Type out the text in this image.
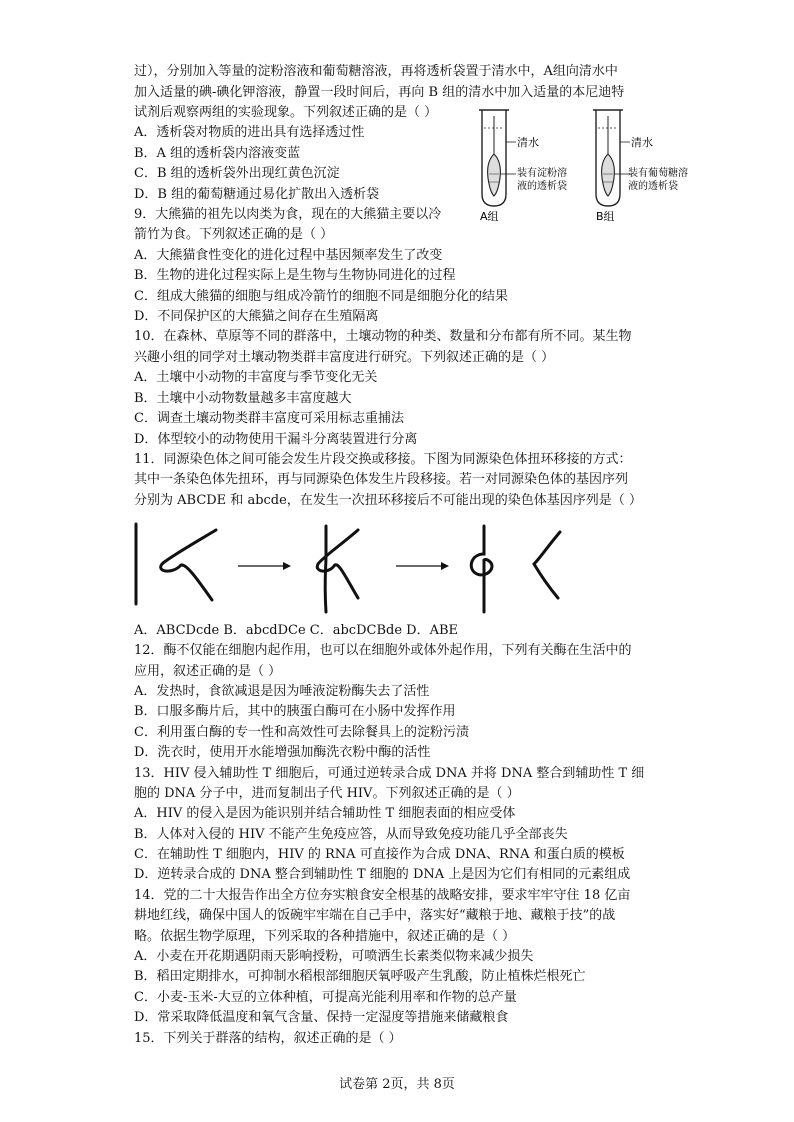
过），分别加入等量的淀粉溶液和葡萄糖溶液，再将透析袋置于清水中，A组向清水中
加入适量的碘-碘化钾溶液，静置一段时间后，再向 B 组的清水中加入适量的本尼迪特
试剂后观察两组的实验现象。下列叙述正确的是（ ）
A．透析袋对物质的进出具有选择透过性
B．A 组的透析袋内溶液变蓝
C．B 组的透析袋外出现红黄色沉淀
D．B 组的葡萄糖通过易化扩散出入透析袋
9．大熊猫的祖先以肉类为食，现在的大熊猫主要以冷
箭竹为食。下列叙述正确的是（ ）
A．大熊猫食性变化的进化过程中基因频率发生了改变
B．生物的进化过程实际上是生物与生物协同进化的过程
C．组成大熊猫的细胞与组成冷箭竹的细胞不同是细胞分化的结果
D．不同保护区的大熊猫之间存在生殖隔离
10．在森林、草原等不同的群落中，土壤动物的种类、数量和分布都有所不同。某生物
兴趣小组的同学对土壤动物类群丰富度进行研究。下列叙述正确的是（ ）
A．土壤中小动物的丰富度与季节变化无关
B．土壤中小动物数量越多丰富度越大
C．调查土壤动物类群丰富度可采用标志重捕法
D．体型较小的动物使用干漏斗分离装置进行分离
11．同源染色体之间可能会发生片段交换或移接。下图为同源染色体扭环移接的方式：
其中一条染色体先扭环，再与同源染色体发生片段移接。若一对同源染色体的基因序列
分别为 ABCDE 和 abcde，在发生一次扭环移接后不可能出现的染色体基因序列是（ ）
A．ABCDcde B．abcdDCe C．abcDCBde D．ABE
12．酶不仅能在细胞内起作用，也可以在细胞外或体外起作用，下列有关酶在生活中的
应用，叙述正确的是（ ）
A．发热时，食欲减退是因为唾液淀粉酶失去了活性
B．口服多酶片后，其中的胰蛋白酶可在小肠中发挥作用
C．利用蛋白酶的专一性和高效性可去除餐具上的淀粉污渍
D．洗衣时，使用开水能增强加酶洗衣粉中酶的活性
13．HIV 侵入辅助性 T 细胞后，可通过逆转录合成 DNA 并将 DNA 整合到辅助性 T 细
胞的 DNA 分子中，进而复制出子代 HIV。下列叙述正确的是（ ）
A．HIV 的侵入是因为能识别并结合辅助性 T 细胞表面的相应受体
B．人体对入侵的 HIV 不能产生免疫应答，从而导致免疫功能几乎全部丧失
C．在辅助性 T 细胞内，HIV 的 RNA 可直接作为合成 DNA、RNA 和蛋白质的模板
D．逆转录合成的 DNA 整合到辅助性 T 细胞的 DNA 上是因为它们有相同的元素组成
14．党的二十大报告作出全方位夯实粮食安全根基的战略安排，要求牢牢守住 18 亿亩
耕地红线，确保中国人的饭碗牢牢端在自己手中，落实好“藏粮于地、藏粮于技”的战
略。依据生物学原理，下列采取的各种措施中，叙述正确的是（ ）
A．小麦在开花期遇阴雨天影响授粉，可喷洒生长素类似物来减少损失
B．稻田定期排水，可抑制水稻根部细胞厌氧呼吸产生乳酸，防止植株烂根死亡
C．小麦-玉米-大豆的立体种植，可提高光能利用率和作物的总产量
D．常采取降低温度和氧气含量、保持一定湿度等措施来储藏粮食
15．下列关于群落的结构，叙述正确的是（ ）
清水
装有淀粉溶
液的透析袋
A组
清水
装有葡萄糖溶
液的透析袋
B组
试卷第 2页，共 8页
